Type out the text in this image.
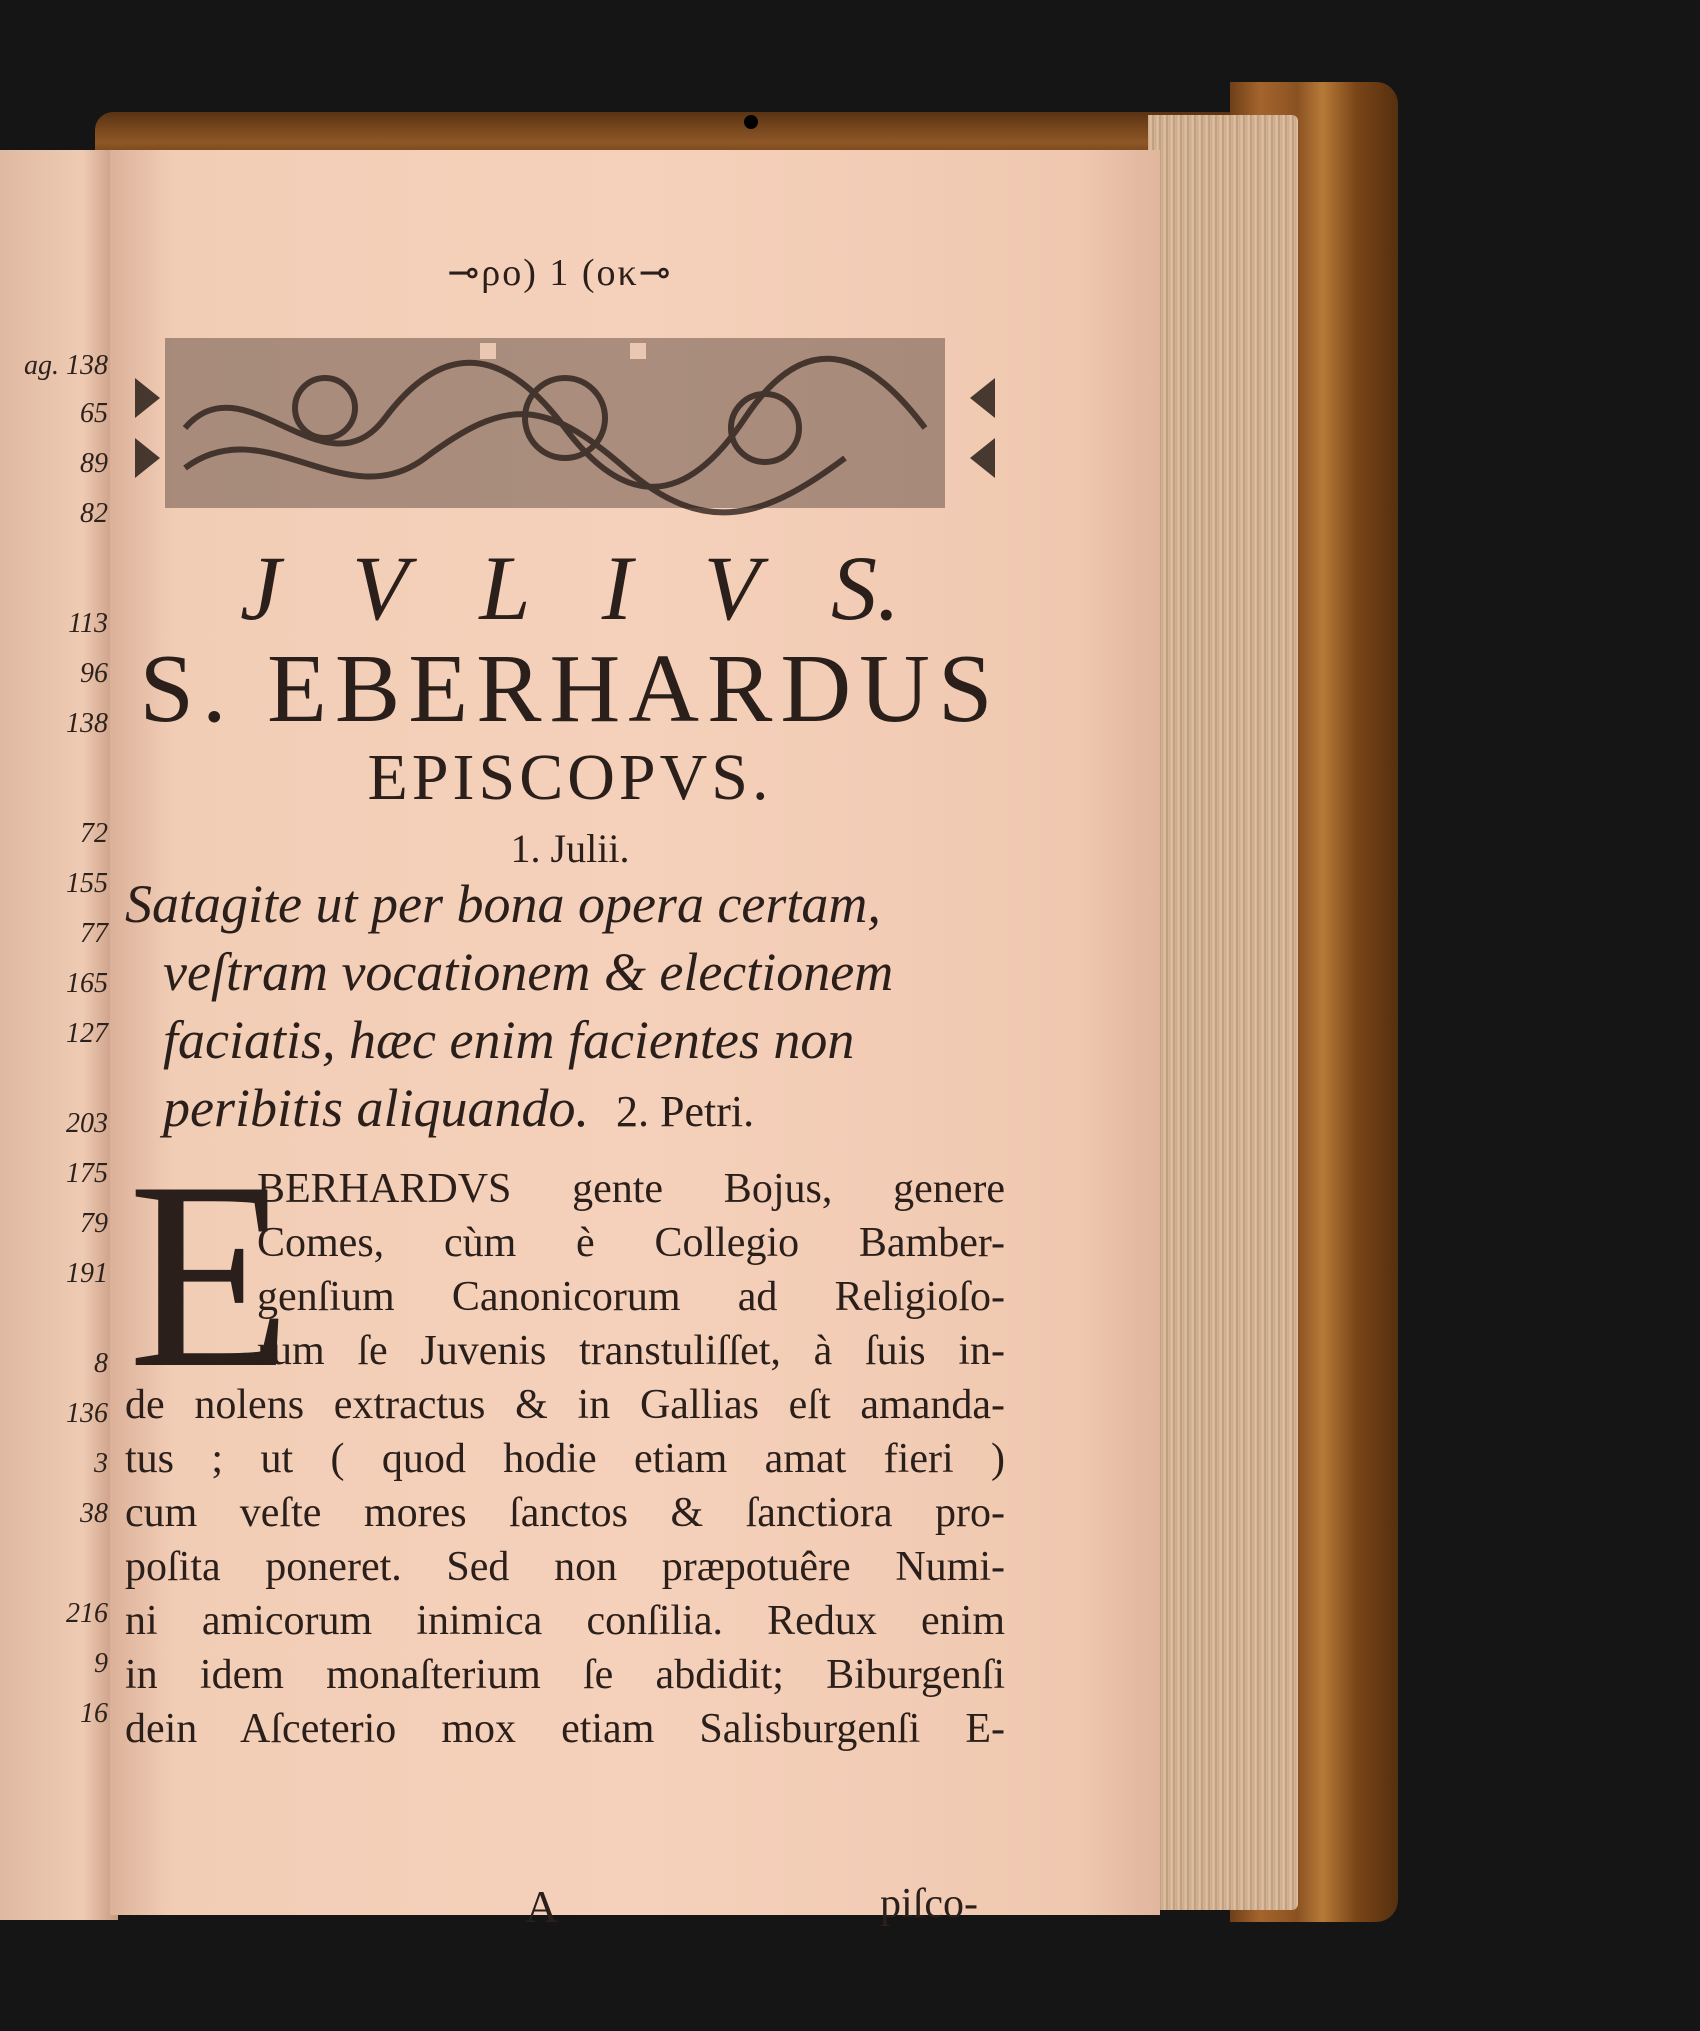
ag. 138
65
89
82
113
96
138
72
155
77
165
127
203
175
79
191
8
136
3
38
216
9
16
⊸ρο) 1 (οκ⊸
J V L I V S.
S. EBERHARDUS
EPISCOPVS.
1. Julii.
Satagite ut per bona opera certam,
veſtram vocationem & electionem
faciatis, hæc enim facientes non
peribitis aliquando. 2. Petri.
E
BERHARDVS gente Bojus, genere
Comes, cùm è Collegio Bamber-
genſium Canonicorum ad Religioſo-
rum ſe Juvenis transtuliſſet, à ſuis in-
de nolens extractus & in Gallias eſt amanda-
tus ; ut ( quod hodie etiam amat fieri )
cum veſte mores ſanctos & ſanctiora pro-
poſita poneret. Sed non præpotuêre Numi-
ni amicorum inimica conſilia. Redux enim
in idem monaſterium ſe abdidit; Biburgenſi
dein Aſceterio mox etiam Salisburgenſi E-
A	piſco-
